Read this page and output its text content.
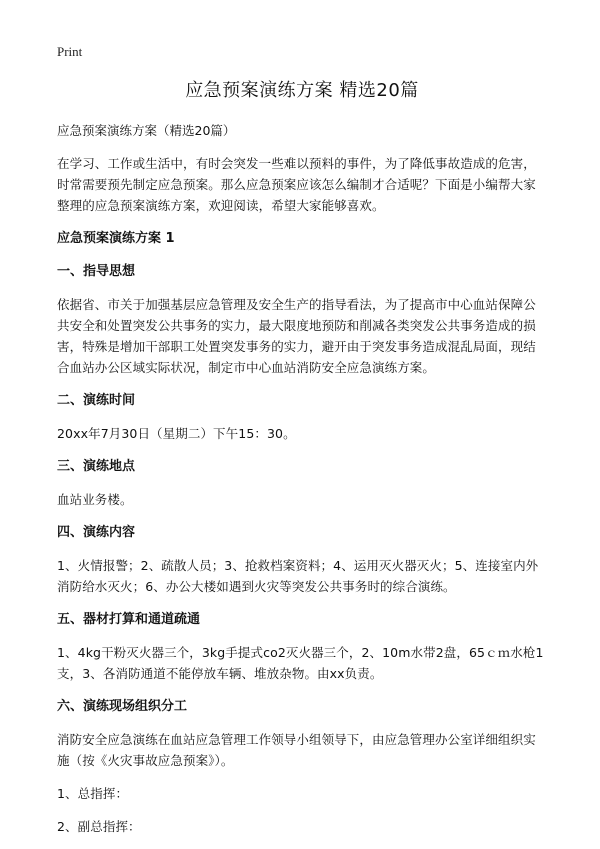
Print
应急预案演练方案 精选20篇
应急预案演练方案（精选20篇）
在学习、工作或生活中，有时会突发一些难以预料的事件，为了降低事故造成的危害，时常需要预先制定应急预案。那么应急预案应该怎么编制才合适呢？下面是小编帮大家整理的应急预案演练方案，欢迎阅读，希望大家能够喜欢。
应急预案演练方案 1
一、指导思想
依据省、市关于加强基层应急管理及安全生产的指导看法，为了提高市中心血站保障公共安全和处置突发公共事务的实力，最大限度地预防和削减各类突发公共事务造成的损害，特殊是增加干部职工处置突发事务的实力，避开由于突发事务造成混乱局面，现结合血站办公区域实际状况，制定市中心血站消防安全应急演练方案。
二、演练时间
20xx年7月30日（星期二）下午15：30。
三、演练地点
血站业务楼。
四、演练内容
1、火情报警；2、疏散人员；3、抢救档案资料；4、运用灭火器灭火；5、连接室内外消防给水灭火；6、办公大楼如遇到火灾等突发公共事务时的综合演练。
五、器材打算和通道疏通
1、4kg干粉灭火器三个，3kg手提式co2灭火器三个，2、10m水带2盘，65ｃｍ水枪1支，3、各消防通道不能停放车辆、堆放杂物。由xx负责。
六、演练现场组织分工
消防安全应急演练在血站应急管理工作领导小组领导下，由应急管理办公室详细组织实施（按《火灾事故应急预案》）。
1、总指挥：
2、副总指挥：
